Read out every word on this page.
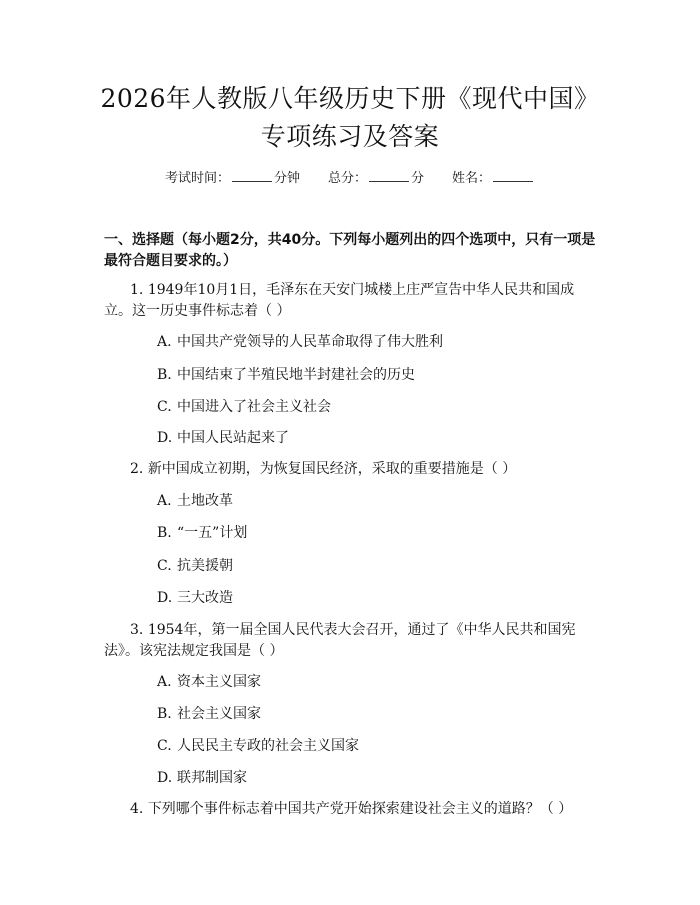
2026年人教版八年级历史下册《现代中国》
专项练习及答案
考试时间：	分钟 总分：	分 姓名：
一、选择题（每小题2分，共40分。下列每小题列出的四个选项中，只有一项是最符合题目要求的。）
1. 1949年10月1日，毛泽东在天安门城楼上庄严宣告中华人民共和国成
立。这一历史事件标志着（ ）
A. 中国共产党领导的人民革命取得了伟大胜利
B. 中国结束了半殖民地半封建社会的历史
C. 中国进入了社会主义社会
D. 中国人民站起来了
2. 新中国成立初期，为恢复国民经济，采取的重要措施是（ ）
A. 土地改革
B. “一五”计划
C. 抗美援朝
D. 三大改造
3. 1954年，第一届全国人民代表大会召开，通过了《中华人民共和国宪
法》。该宪法规定我国是（ ）
A. 资本主义国家
B. 社会主义国家
C. 人民民主专政的社会主义国家
D. 联邦制国家
4. 下列哪个事件标志着中国共产党开始探索建设社会主义的道路？（ ）
